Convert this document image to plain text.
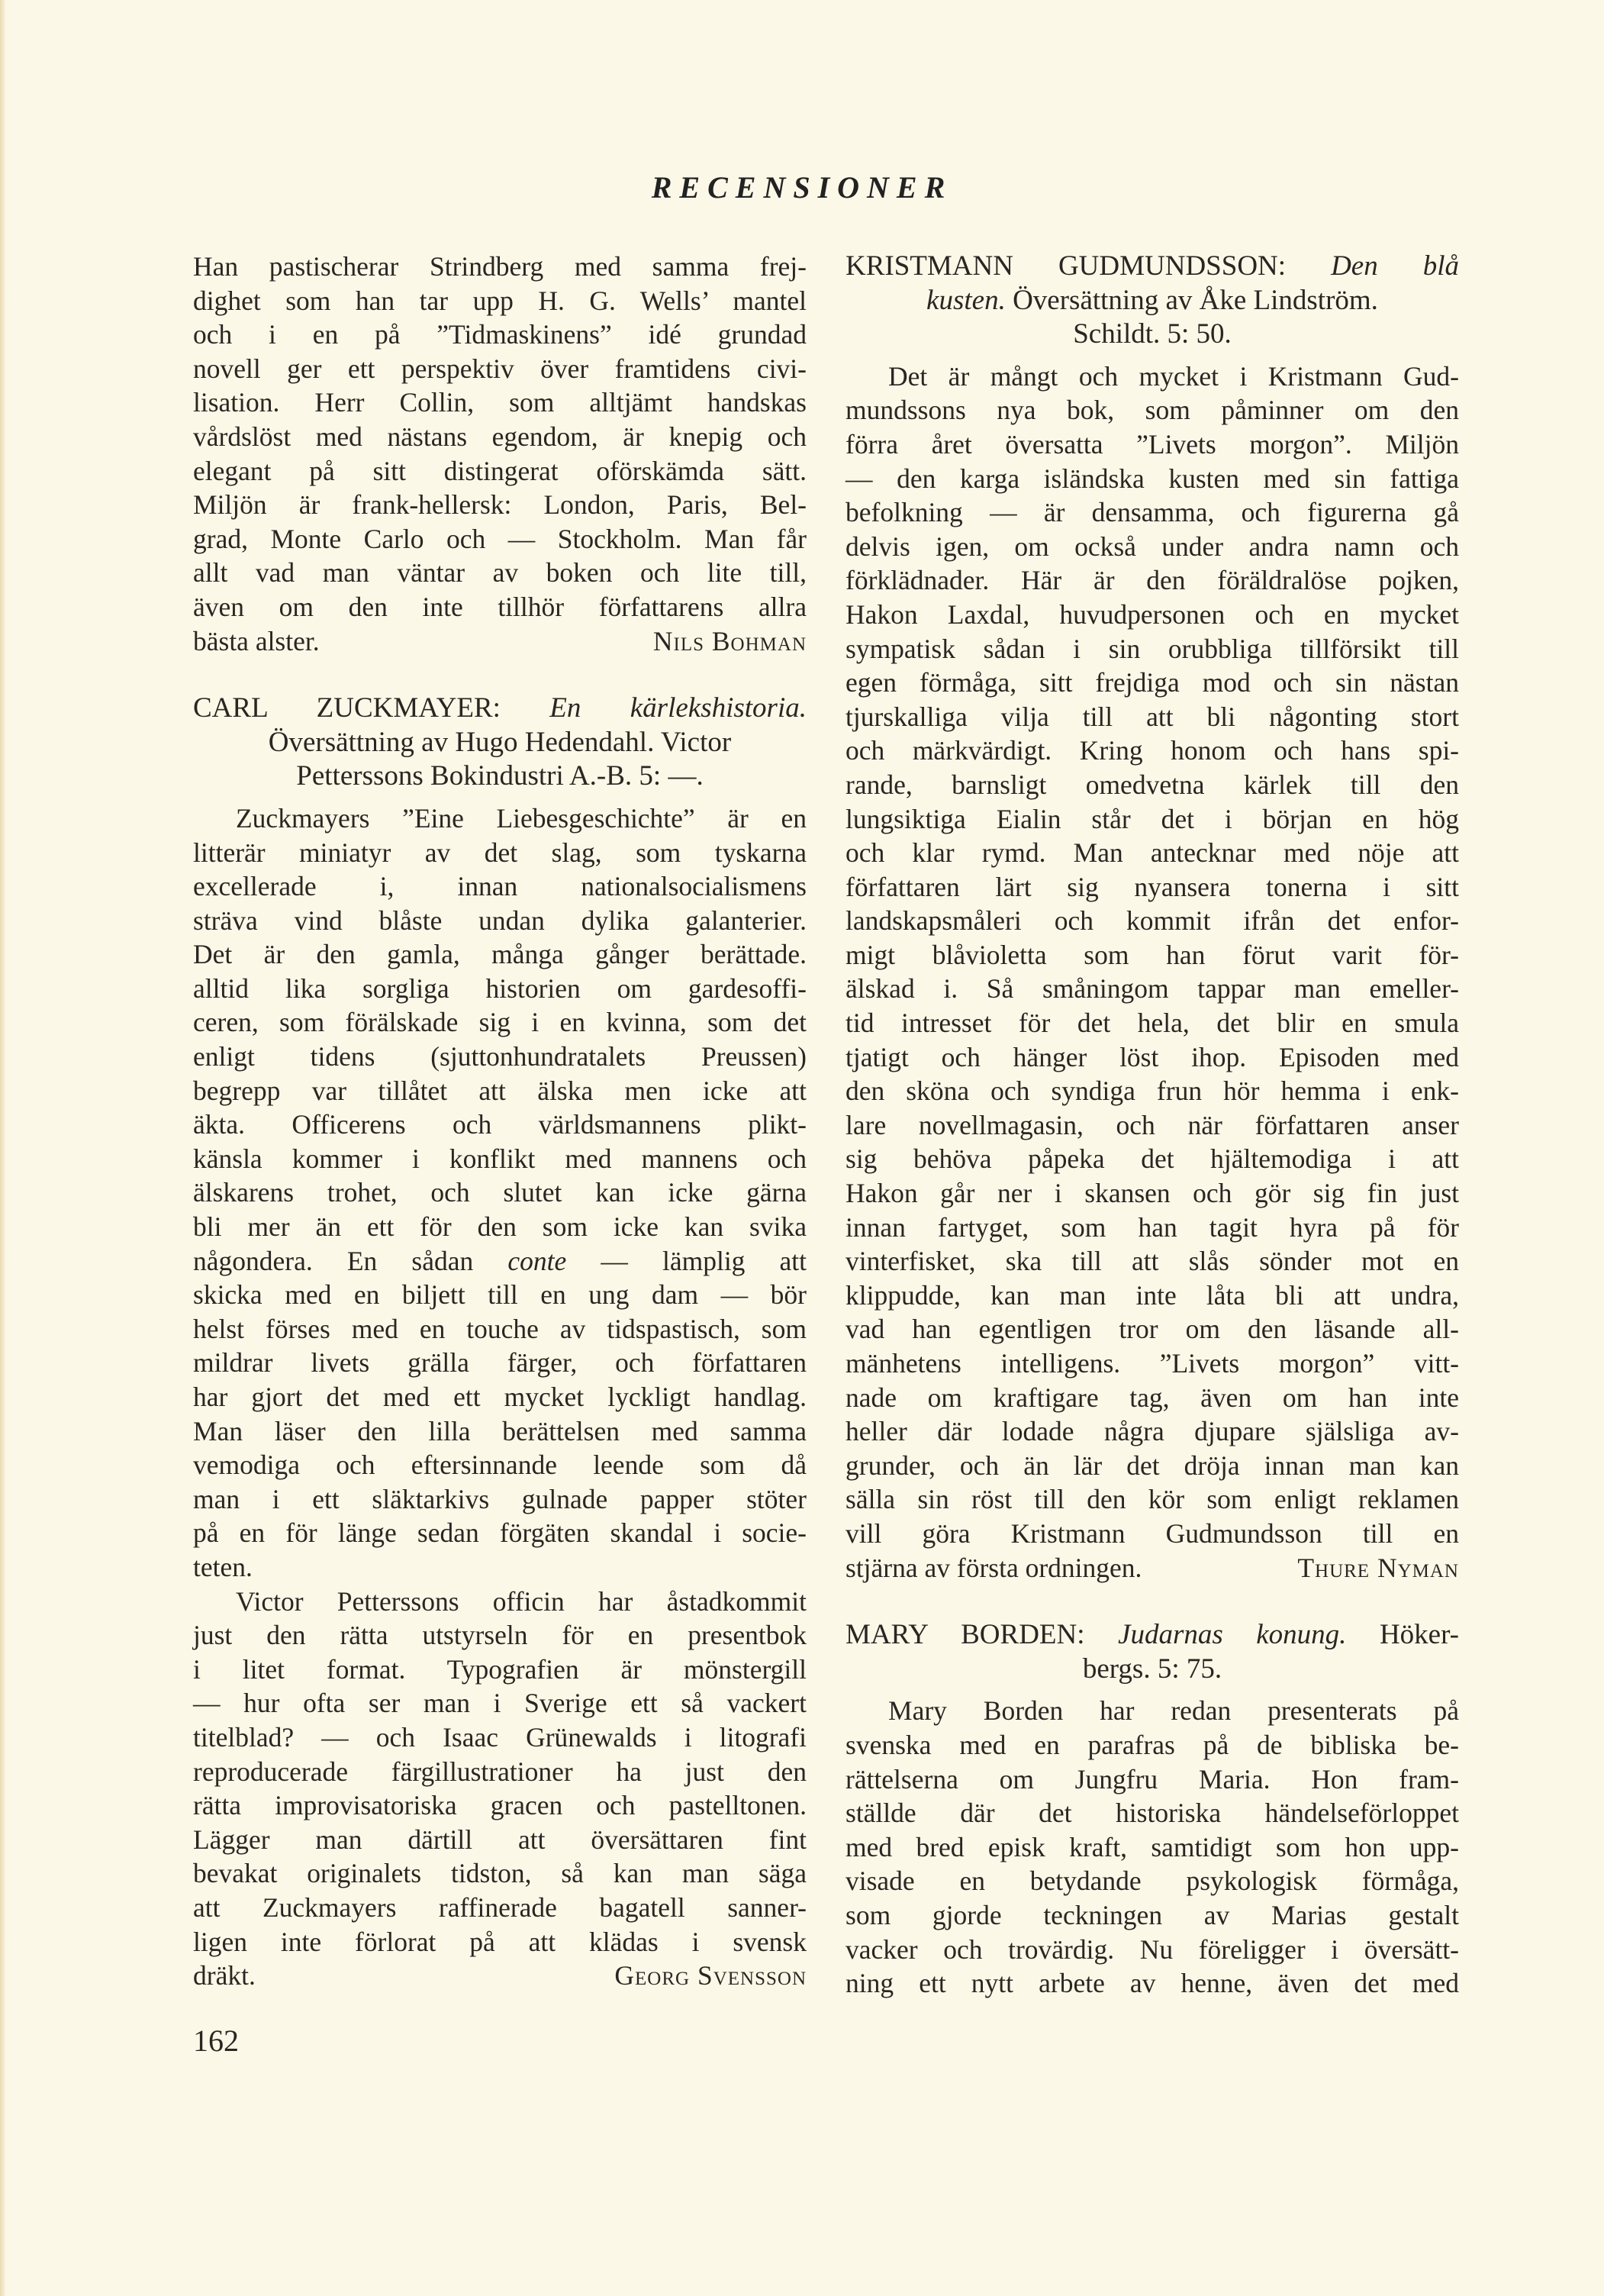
RECENSIONER
Han pastischerar Strindberg med samma frej-
dighet som han tar upp H. G. Wells’ mantel
och i en på ”Tidmaskinens” idé grundad
novell ger ett perspektiv över framtidens civi-
lisation. Herr Collin, som alltjämt handskas
vårdslöst med nästans egendom, är knepig och
elegant på sitt distingerat oförskämda sätt.
Miljön är frank-hellersk: London, Paris, Bel-
grad, Monte Carlo och — Stockholm. Man får
allt vad man väntar av boken och lite till,
även om den inte tillhör författarens allra
bästa alster.	Nils Bohman
CARL ZUCKMAYER: En kärlekshistoria.
Översättning av Hugo Hedendahl. Victor
Petterssons Bokindustri A.-B. 5: —.
Zuckmayers ”Eine Liebesgeschichte” är en
litterär miniatyr av det slag, som tyskarna
excellerade i, innan nationalsocialismens
sträva vind blåste undan dylika galanterier.
Det är den gamla, många gånger berättade.
alltid lika sorgliga historien om gardesoffi-
ceren, som förälskade sig i en kvinna, som det
enligt tidens (sjuttonhundratalets Preussen)
begrepp var tillåtet att älska men icke att
äkta. Officerens och världsmannens plikt-
känsla kommer i konflikt med mannens och
älskarens trohet, och slutet kan icke gärna
bli mer än ett för den som icke kan svika
någondera. En sådan conte — lämplig att
skicka med en biljett till en ung dam — bör
helst förses med en touche av tidspastisch, som
mildrar livets grälla färger, och författaren
har gjort det med ett mycket lyckligt handlag.
Man läser den lilla berättelsen med samma
vemodiga och eftersinnande leende som då
man i ett släktarkivs gulnade papper stöter
på en för länge sedan förgäten skandal i socie-
teten.
Victor Petterssons officin har åstadkommit
just den rätta utstyrseln för en presentbok
i litet format. Typografien är mönstergill
— hur ofta ser man i Sverige ett så vackert
titelblad? — och Isaac Grünewalds i litografi
reproducerade färgillustrationer ha just den
rätta improvisatoriska gracen och pastelltonen.
Lägger man därtill att översättaren fint
bevakat originalets tidston, så kan man säga
att Zuckmayers raffinerade bagatell sanner-
ligen inte förlorat på att klädas i svensk
dräkt.	Georg Svensson
KRISTMANN GUDMUNDSSON: Den blå
kusten. Översättning av Åke Lindström.
Schildt. 5: 50.
Det är mångt och mycket i Kristmann Gud-
mundssons nya bok, som påminner om den
förra året översatta ”Livets morgon”. Miljön
— den karga isländska kusten med sin fattiga
befolkning — är densamma, och figurerna gå
delvis igen, om också under andra namn och
förklädnader. Här är den föräldralöse pojken,
Hakon Laxdal, huvudpersonen och en mycket
sympatisk sådan i sin orubbliga tillförsikt till
egen förmåga, sitt frejdiga mod och sin nästan
tjurskalliga vilja till att bli någonting stort
och märkvärdigt. Kring honom och hans spi-
rande, barnsligt omedvetna kärlek till den
lungsiktiga Eialin står det i början en hög
och klar rymd. Man antecknar med nöje att
författaren lärt sig nyansera tonerna i sitt
landskapsmåleri och kommit ifrån det enfor-
migt blåvioletta som han förut varit för-
älskad i. Så småningom tappar man emeller-
tid intresset för det hela, det blir en smula
tjatigt och hänger löst ihop. Episoden med
den sköna och syndiga frun hör hemma i enk-
lare novellmagasin, och när författaren anser
sig behöva påpeka det hjältemodiga i att
Hakon går ner i skansen och gör sig fin just
innan fartyget, som han tagit hyra på för
vinterfisket, ska till att slås sönder mot en
klippudde, kan man inte låta bli att undra,
vad han egentligen tror om den läsande all-
mänhetens intelligens. ”Livets morgon” vitt-
nade om kraftigare tag, även om han inte
heller där lodade några djupare själsliga av-
grunder, och än lär det dröja innan man kan
sälla sin röst till den kör som enligt reklamen
vill göra Kristmann Gudmundsson till en
stjärna av första ordningen.	Thure Nyman
MARY BORDEN: Judarnas konung. Höker-
bergs. 5: 75.
Mary Borden har redan presenterats på
svenska med en parafras på de bibliska be-
rättelserna om Jungfru Maria. Hon fram-
ställde där det historiska händelseförloppet
med bred episk kraft, samtidigt som hon upp-
visade en betydande psykologisk förmåga,
som gjorde teckningen av Marias gestalt
vacker och trovärdig. Nu föreligger i översätt-
ning ett nytt arbete av henne, även det med
162
